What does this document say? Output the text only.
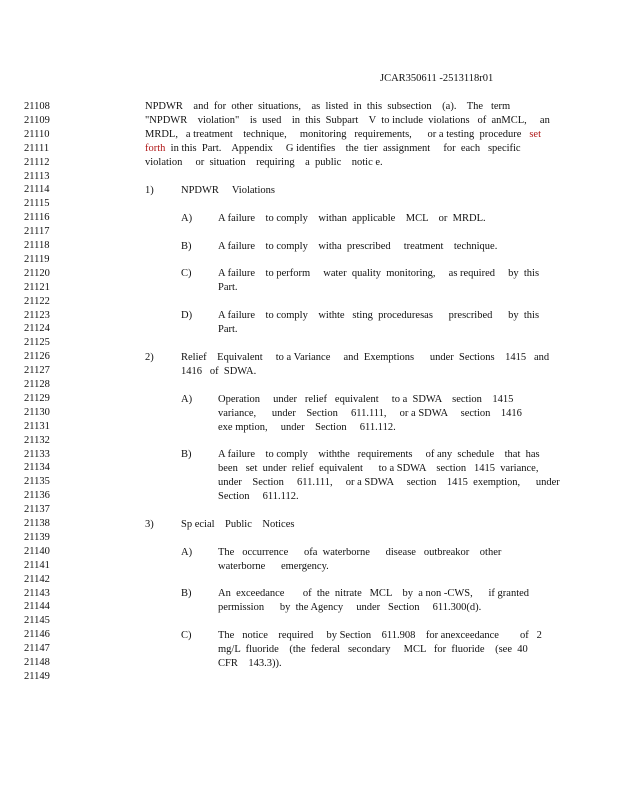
JCAR350611 -2513118r01
21108
21109
21110
21111
21112
21113
21114
21115
21116
21117
21118
21119
21120
21121
21122
21123
21124
21125
21126
21127
21128
21129
21130
21131
21132
21133
21134
21135
21136
21137
21138
21139
21140
21141
21142
21143
21144
21145
21146
21147
21148
21149
NPDWR    and  for  other  situations,    as  listed  in  this  subsection    (a).    The   term
"NPDWR    violation"    is  used    in  this  Subpart    V  to include  violations   of  anMCL,     an
MRDL,   a treatment    technique,     monitoring   requirements,      or a testing  procedure   set
forth  in this  Part.    Appendix     G identifies    the  tier  assignment     for  each   specific
violation     or  situation    requiring    a  public    notic e.
1)	NPDWR     Violations
A) A failure    to comply    withan  applicable    MCL    or  MRDL.
B)	A failure    to comply    witha  prescribed     treatment    technique.
C)	A failure    to perform     water  quality  monitoring,     as required     by  this
Part.
D) A failure    to comply    withte   sting  proceduresas      prescribed      by  this
Part.
2)	Relief    Equivalent     to a Variance     and  Exemptions      under  Sections    1415   and
1416   of  SDWA.
A) Operation     under   relief   equivalent     to a  SDWA    section    1415
variance,      under    Section     611.111,     or a SDWA     section    1416
exe mption,     under    Section     611.112.
B)	A failure    to comply    withthe   requirements     of any  schedule    that  has
been   set  under  relief  equivalent      to a SDWA    section   1415  variance,
under    Section     611.111,     or a SDWA     section    1415  exemption,      under
Section     611.112.
3)	Sp ecial    Public    Notices
A) The   occurrence      ofa  waterborne      disease   outbreakor    other
waterborne      emergency.
B)	An  exceedance       of  the  nitrate   MCL    by  a non -CWS,      if granted
permission      by  the Agency     under   Section     611.300(d).
C)	The   notice    required     by Section    611.908    for anexceedance        of   2
mg/L  fluoride    (the  federal   secondary     MCL   for  fluoride    (see  40
CFR    143.3)).
